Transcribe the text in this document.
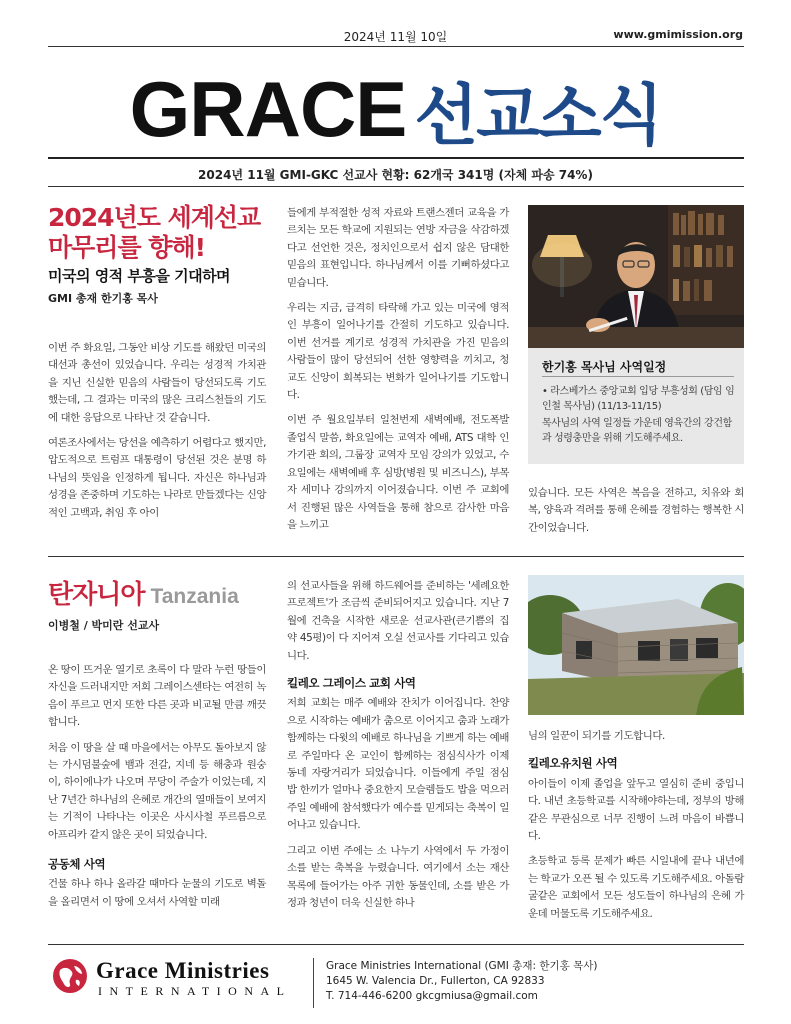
2024년 11월 10일	www.gmimission.org
GRACE 선교소식
2024년 11월 GMI-GKC 선교사 현황: 62개국 341명 (자체 파송 74%)
2024년도 세계선교
마무리를 향해!
미국의 영적 부흥을 기대하며
GMI 총재 한기홍 목사

이번 주 화요일, 그동안 비상 기도를 해왔던 미국의 대선과 총선이 있었습니다. 우리는 성경적 가치관을 지닌 신실한 믿음의 사람들이 당선되도록 기도했는데, 그 결과는 미국의 많은 크리스천들의 기도에 대한 응답으로 나타난 것 같습니다.

여론조사에서는 당선을 예측하기 어렵다고 했지만, 압도적으로 트럼프 대통령이 당선된 것은 분명 하나님의 뜻임을 인정하게 됩니다. 자신은 하나님과 성경을 존중하며 기도하는 나라로 만들겠다는 신앙적인 고백과, 취임 후 아이

들에게 부적절한 성적 자료와 트랜스젠더 교육을 가르치는 모든 학교에 지원되는 연방 자금을 삭감하겠다고 선언한 것은, 정치인으로서 쉽지 않은 담대한 믿음의 표현입니다. 하나님께서 이를 기뻐하셨다고 믿습니다.

우리는 지금, 급격히 타락해 가고 있는 미국에 영적인 부흥이 일어나기를 간절히 기도하고 있습니다. 이번 선거를 계기로 성경적 가치관을 가진 믿음의 사람들이 많이 당선되어 선한 영향력을 끼치고, 청교도 신앙이 회복되는 변화가 일어나기를 기도합니다.

이번 주 월요일부터 일천번제 새벽예배, 전도폭발 졸업식 말씀, 화요일에는 교역자 예배, ATS 대학 인가기관 회의, 그룹장 교역자 모임 강의가 있었고, 수요일에는 새벽예배 후 심방(병원 및 비즈니스), 부목자 세미나 강의까지 이어졌습니다. 이번 주 교회에서 진행된 많은 사역들을 통해 참으로 감사한 마음을 느끼고

한기홍 목사님 사역일정
• 라스베가스 중앙교회 입당 부흥성회 (담임 임인철 목사님) (11/13-11/15)
목사님의 사역 일정들 가운데 영육간의 강건함과 성령충만을 위해 기도해주세요.

있습니다. 모든 사역은 복음을 전하고, 치유와 회복, 양육과 격려를 통해 은혜를 경험하는 행복한 시간이었습니다.

탄자니아 Tanzania
이병철 / 박미란 선교사

온 땅이 뜨거운 열기로 초록이 다 말라 누런 땅들이 자신을 드러내지만 저희 그레이스센타는 여전히 녹음이 푸르고 먼지 또한 다른 곳과 비교될 만큼 깨끗합니다.

처음 이 땅을 살 때 마을에서는 아무도 돌아보지 않는 가시덤불숲에 뱀과 전갈, 지네 등 해충과 원숭이, 하이에나가 나오며 무당이 주술가 이었는데, 지난 7년간 하나님의 은혜로 개간의 열매들이 보여지는 기적이 나타나는 이곳은 사시사철 푸르름으로 아프리카 같지 않은 곳이 되었습니다.

공동체 사역

건물 하나 하나 올라갈 때마다 눈물의 기도로 벽돌을 올리면서 이 땅에 오셔서 사역할 미래

의 선교사들을 위해 하드웨어를 준비하는 '세례요한 프로젝트'가 조금씩 준비되어지고 있습니다. 지난 7월에 건축을 시작한 새로운 선교사관(큰기쁨의 집 약 45평)이 다 지어져 오실 선교사를 기다리고 있습니다.

킬레오 그레이스 교회 사역

저희 교회는 매주 예배와 잔치가 이어집니다. 찬양으로 시작하는 예배가 춤으로 이어지고 춤과 노래가 함께하는 다윗의 예배로 하나님을 기쁘게 하는 예배로 주일마다 온 교인이 함께하는 점심식사가 이제 동네 자랑거리가 되었습니다. 이들에게 주일 점심 밥 한끼가 얼마나 중요한지 모슬렘들도 밥을 먹으러 주일 예배에 참석했다가 예수를 믿게되는 축복이 일어나고 있습니다.

그리고 이번 주에는 소 나누기 사역에서 두 가정이 소를 받는 축복을 누렸습니다. 여기에서 소는 재산 목록에 들어가는 아주 귀한 동물인데, 소를 받은 가정과 청년이 더욱 신실한 하나

님의 일꾼이 되기를 기도합니다.

킬레오유치원 사역

아이들이 이제 졸업을 앞두고 열심히 준비 중입니다. 내년 초등학교를 시작해야하는데, 정부의 방해같은 무관심으로 너무 진행이 느려 마음이 바쁩니다.

초등학교 등록 문제가 빠른 시일내에 끝나 내년에는 학교가 오픈 될 수 있도록 기도해주세요. 아돌람 굴같은 교회에서 모든 성도들이 하나님의 은혜 가운데 머물도록 기도해주세요.

Grace Ministries
INTERNATIONAL
Grace Ministries International (GMI 총재: 한기홍 목사)
1645 W. Valencia Dr., Fullerton, CA 92833
T. 714-446-6200 gkcgmiusa@gmail.com
